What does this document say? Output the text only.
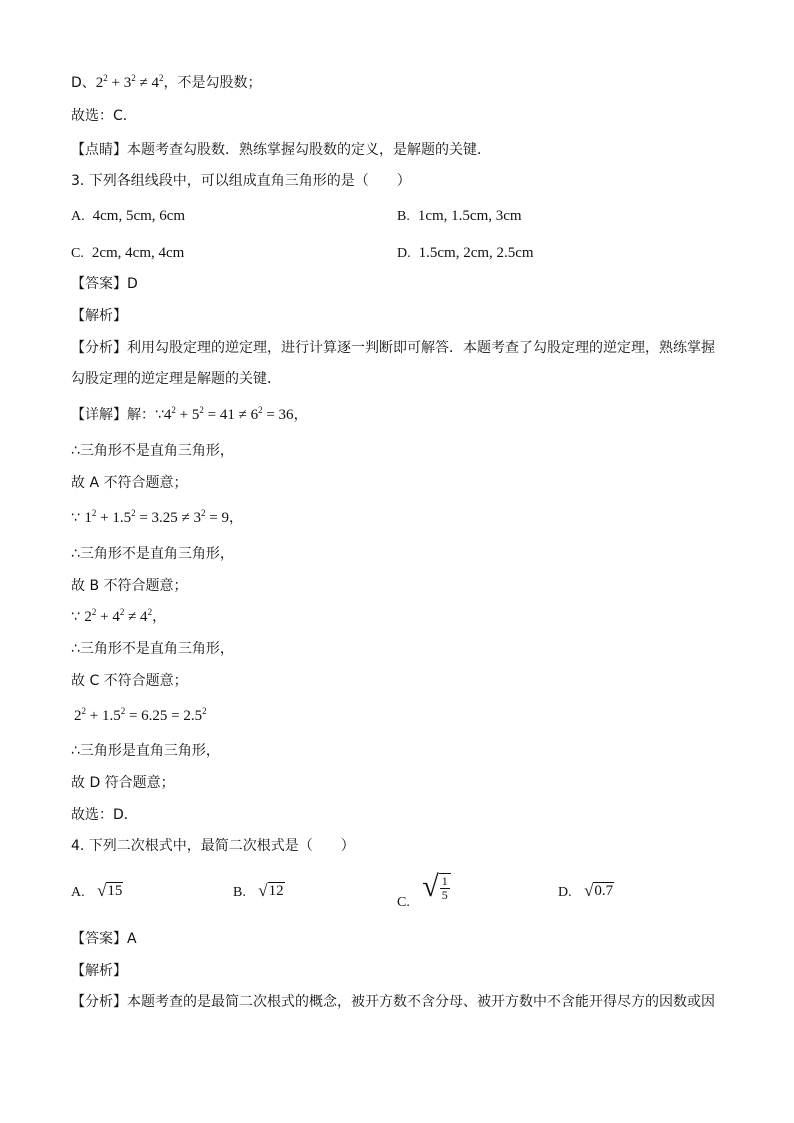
D、$2^2 + 3^2 \ne 4^2$，不是勾股数；
故选：C．
【点睛】本题考查勾股数．熟练掌握勾股数的定义，是解题的关键．
3. 下列各组线段中，可以组成直角三角形的是（　　）
A. 4cm, 5cm, 6cm	B. 1cm, 1.5cm, 3cm
C. 2cm, 4cm, 4cm	D. 1.5cm, 2cm, 2.5cm
【答案】D
【解析】
【分析】利用勾股定理的逆定理，进行计算逐一判断即可解答．本题考查了勾股定理的逆定理，熟练掌握
勾股定理的逆定理是解题的关键．
【详解】解：$\because 4^2 + 5^2 = 41 \ne 6^2 = 36$，
∴三角形不是直角三角形，
故 A 不符合题意；
∵ $1^2 + 1.5^2 = 3.25 \ne 3^2 = 9$，
∴三角形不是直角三角形，
故 B 不符合题意；
∵ $2^2 + 4^2 \ne 4^2$，
∴三角形不是直角三角形，
故 C 不符合题意；
$2^2 + 1.5^2 = 6.25 = 2.5^2$
∴三角形是直角三角形，
故 D 符合题意；
故选：D．
4. 下列二次根式中，最简二次根式是（　　）
A. √ 15	B. √ 12
C. √ $\frac{1}{5}$	D. √ 0.7
【答案】A
【解析】
【分析】本题考查的是最简二次根式的概念，被开方数不含分母、被开方数中不含能开得尽方的因数或因
